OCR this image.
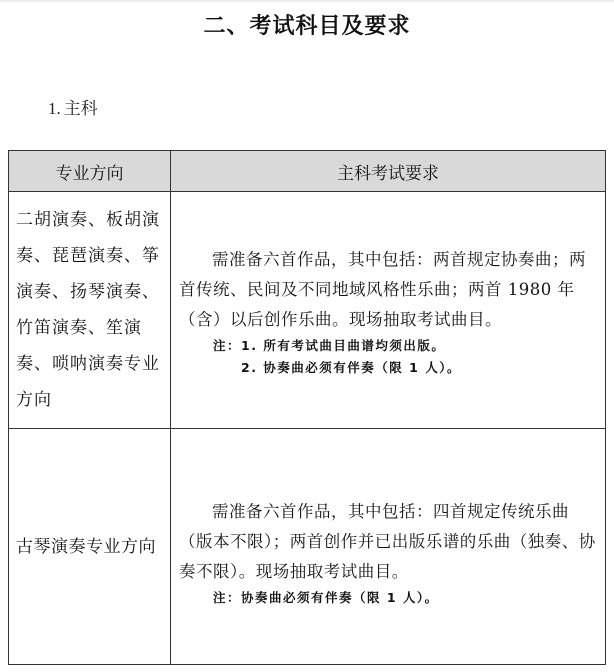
二、考试科目及要求
1. 主科
专业方向	主科考试要求
二胡演奏、板胡演奏、琵琶演奏、筝演奏、扬琴演奏、竹笛演奏、笙演奏、唢呐演奏专业方向	需准备六首作品，其中包括：两首规定协奏曲；两首传统、民间及不同地域风格性乐曲；两首 1980 年（含）以后创作乐曲。现场抽取考试曲目。
注：1. 所有考试曲目曲谱均须出版。
2. 协奏曲必须有伴奏（限 1 人）。

古琴演奏专业方向	需准备六首作品，其中包括：四首规定传统乐曲（版本不限）；两首创作并已出版乐谱的乐曲（独奏、协奏不限）。现场抽取考试曲目。
注：协奏曲必须有伴奏（限 1 人）。
